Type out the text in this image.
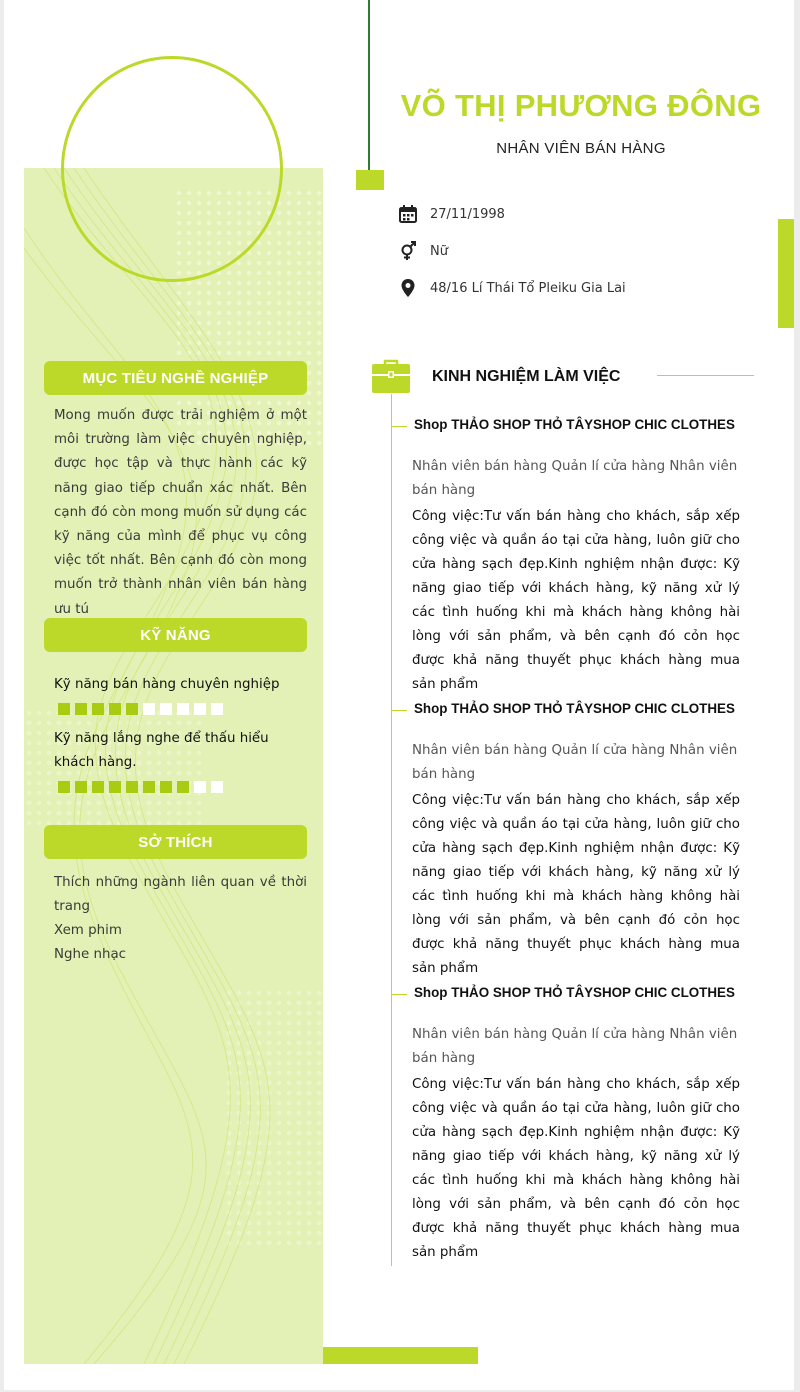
MỤC TIÊU NGHỀ NGHIỆP

Mong muốn được trải nghiệm ở một môi trường làm việc chuyên nghiệp, được học tập và thực hành các kỹ năng giao tiếp chuẩn xác nhất. Bên cạnh đó còn mong muốn sử dụng các kỹ năng của mình để phục vụ công việc tốt nhất. Bên cạnh đó còn mong muốn trở thành nhân viên bán hàng ưu tú

KỸ NĂNG
Kỹ năng bán hàng chuyên nghiệp
Kỹ năng lắng nghe để thấu hiểu khách hàng.
SỞ THÍCH
Thích những ngành liên quan về thời trang
Xem phim
Nghe nhạc
VÕ THỊ PHƯƠNG ĐÔNG
NHÂN VIÊN BÁN HÀNG
27/11/1998
Nữ
48/16 Lí Thái Tổ Pleiku Gia Lai
KINH NGHIỆM LÀM VIỆC
Shop THẢO SHOP THỎ TÂYSHOP CHIC CLOTHES

Nhân viên bán hàng Quản lí cửa hàng Nhân viên bán hàng

Công việc:Tư vấn bán hàng cho khách, sắp xếp công việc và quần áo tại cửa hàng, luôn giữ cho cửa hàng sạch đẹp.Kinh nghiệm nhận được: Kỹ năng giao tiếp với khách hàng, kỹ năng xử lý các tình huống khi mà khách hàng không hài lòng với sản phẩm, và bên cạnh đó cỏn học được khả năng thuyết phục khách hàng mua sản phẩm

Shop THẢO SHOP THỎ TÂYSHOP CHIC CLOTHES

Nhân viên bán hàng Quản lí cửa hàng Nhân viên bán hàng

Công việc:Tư vấn bán hàng cho khách, sắp xếp công việc và quần áo tại cửa hàng, luôn giữ cho cửa hàng sạch đẹp.Kinh nghiệm nhận được: Kỹ năng giao tiếp với khách hàng, kỹ năng xử lý các tình huống khi mà khách hàng không hài lòng với sản phẩm, và bên cạnh đó cỏn học được khả năng thuyết phục khách hàng mua sản phẩm

Shop THẢO SHOP THỎ TÂYSHOP CHIC CLOTHES

Nhân viên bán hàng Quản lí cửa hàng Nhân viên bán hàng

Công việc:Tư vấn bán hàng cho khách, sắp xếp công việc và quần áo tại cửa hàng, luôn giữ cho cửa hàng sạch đẹp.Kinh nghiệm nhận được: Kỹ năng giao tiếp với khách hàng, kỹ năng xử lý các tình huống khi mà khách hàng không hài lòng với sản phẩm, và bên cạnh đó cỏn học được khả năng thuyết phục khách hàng mua sản phẩm
